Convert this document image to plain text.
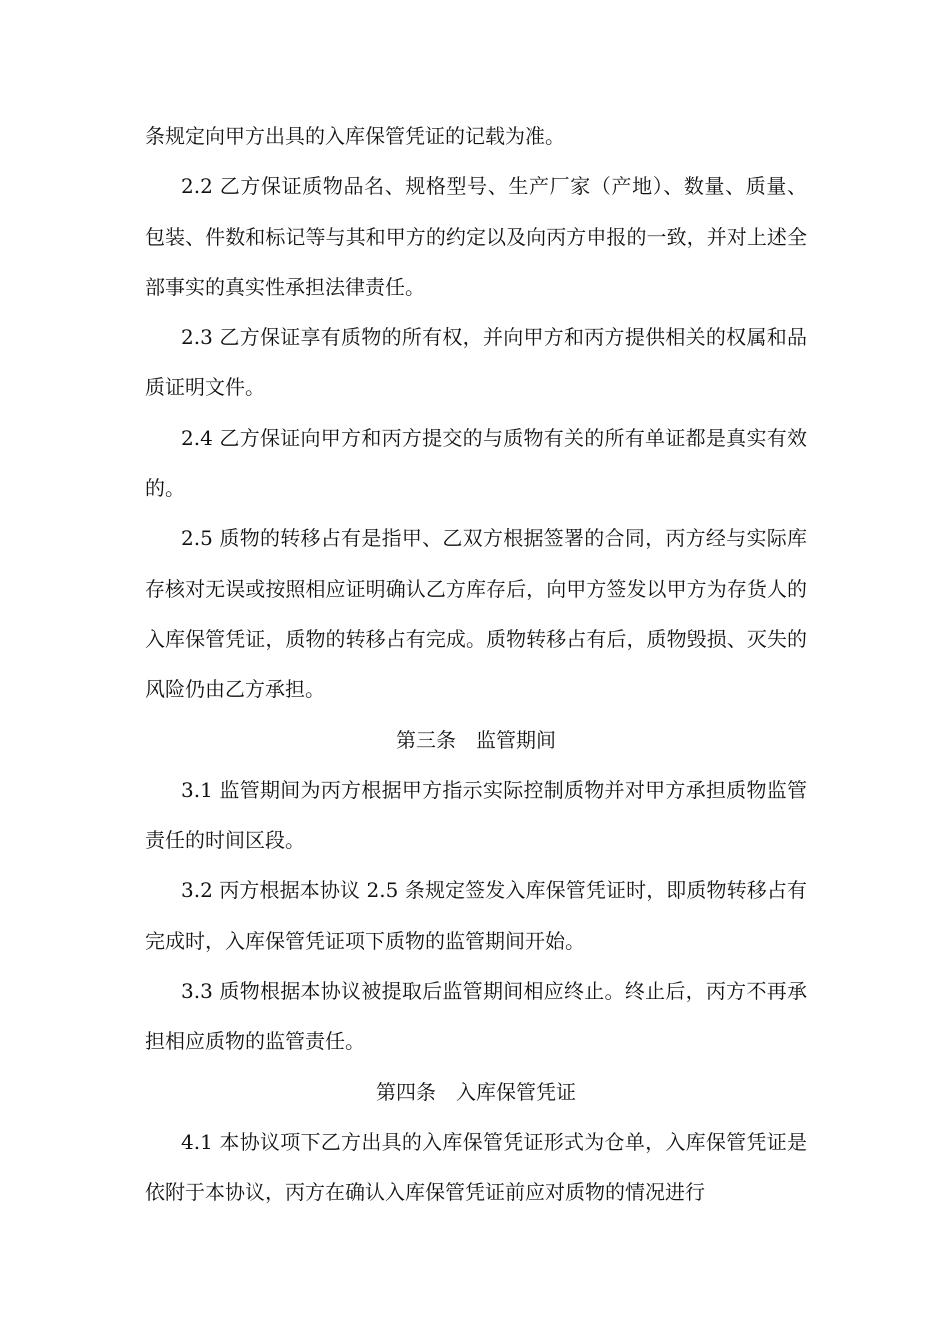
条规定向甲方出具的入库保管凭证的记载为准。

2.2 乙方保证质物品名、规格型号、生产厂家（产地）、数量、质量、包装、件数和标记等与其和甲方的约定以及向丙方申报的一致，并对上述全部事实的真实性承担法律责任。

2.3 乙方保证享有质物的所有权，并向甲方和丙方提供相关的权属和品质证明文件。

2.4 乙方保证向甲方和丙方提交的与质物有关的所有单证都是真实有效的。

2.5 质物的转移占有是指甲、乙双方根据签署的合同，丙方经与实际库存核对无误或按照相应证明确认乙方库存后，向甲方签发以甲方为存货人的入库保管凭证，质物的转移占有完成。质物转移占有后，质物毁损、灭失的风险仍由乙方承担。

第三条　监管期间

3.1 监管期间为丙方根据甲方指示实际控制质物并对甲方承担质物监管责任的时间区段。

3.2 丙方根据本协议 2.5 条规定签发入库保管凭证时，即质物转移占有完成时，入库保管凭证项下质物的监管期间开始。

3.3 质物根据本协议被提取后监管期间相应终止。终止后，丙方不再承担相应质物的监管责任。

第四条　入库保管凭证

4.1 本协议项下乙方出具的入库保管凭证形式为仓单，入库保管凭证是依附于本协议，丙方在确认入库保管凭证前应对质物的情况进行
